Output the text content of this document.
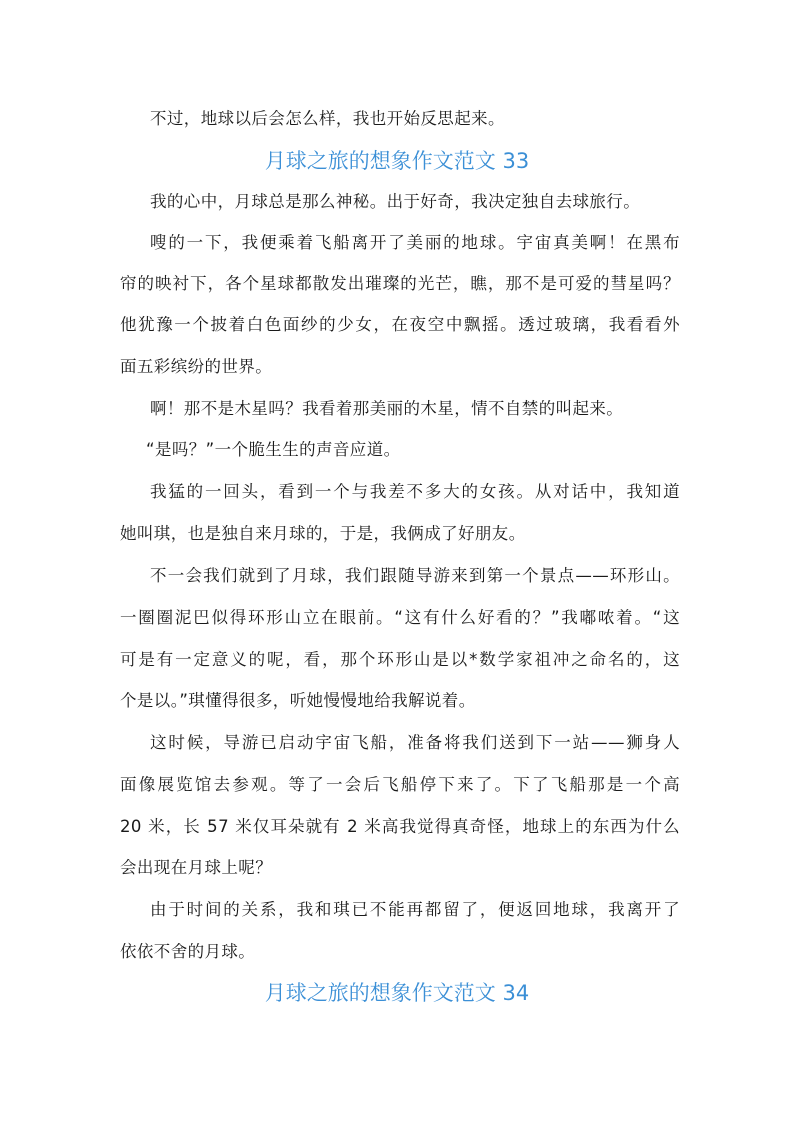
不过，地球以后会怎么样，我也开始反思起来。
月球之旅的想象作文范文 33
我的心中，月球总是那么神秘。出于好奇，我决定独自去球旅行。
嗖的一下，我便乘着飞船离开了美丽的地球。宇宙真美啊！在黑布
帘的映衬下，各个星球都散发出璀璨的光芒，瞧，那不是可爱的彗星吗？
他犹豫一个披着白色面纱的少女，在夜空中飘摇。透过玻璃，我看看外
面五彩缤纷的世界。
啊！那不是木星吗？我看着那美丽的木星，情不自禁的叫起来。
“是吗？”一个脆生生的声音应道。
我猛的一回头，看到一个与我差不多大的女孩。从对话中，我知道
她叫琪，也是独自来月球的，于是，我俩成了好朋友。
不一会我们就到了月球，我们跟随导游来到第一个景点——环形山。
一圈圈泥巴似得环形山立在眼前。“这有什么好看的？”我嘟哝着。“这
可是有一定意义的呢，看，那个环形山是以*数学家祖冲之命名的，这
个是以。”琪懂得很多，听她慢慢地给我解说着。
这时候，导游已启动宇宙飞船，准备将我们送到下一站——狮身人
面像展览馆去参观。等了一会后飞船停下来了。下了飞船那是一个高
20 米，长 57 米仅耳朵就有 2 米高我觉得真奇怪，地球上的东西为什么
会出现在月球上呢？
由于时间的关系，我和琪已不能再都留了，便返回地球，我离开了
依依不舍的月球。
月球之旅的想象作文范文 34
